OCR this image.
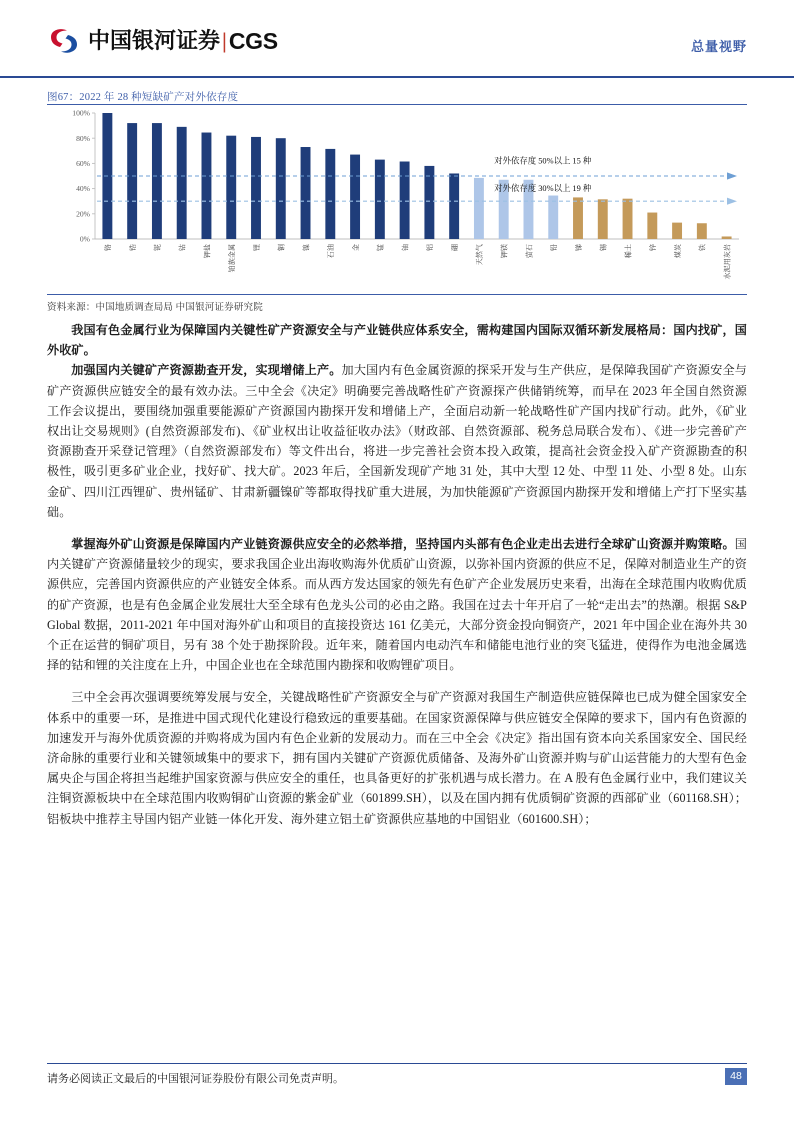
中国银河证券 | CGS	总量视野
图67：2022 年 28 种短缺矿产对外依存度
0%
20%
40%
60%
80%
100%
铬 锆 铌 钴 钾盐 铂族金属 锂 铜 镍 石油 金 锰 铀 铝 硼 天然气 钾镁 萤石 铅 锑 锡 稀土 锌 煤炭 铁 水泥用灰岩
对外依存度 50%以上 15 种
对外依存度 30%以上 19 种
资料来源：中国地质调查局局 中国银河证券研究院

我国有色金属行业为保障国内关键性矿产资源安全与产业链供应体系安全，需构建国内国际双循环新发展格局：国内找矿，国外收矿。

加强国内关键矿产资源勘查开发，实现增储上产。加大国内有色金属资源的探采开发与生产供应，是保障我国矿产资源安全与矿产资源供应链安全的最有效办法。三中全会《决定》明确要完善战略性矿产资源探产供储销统筹，而早在 2023 年全国自然资源工作会议提出，要围绕加强重要能源矿产资源国内勘探开发和增储上产，全面启动新一轮战略性矿产国内找矿行动。此外，《矿业权出让交易规则》(自然资源部发布)、《矿业权出让收益征收办法》（财政部、自然资源部、税务总局联合发布）、《进一步完善矿产资源勘查开采登记管理》（自然资源部发布）等文件出台，将进一步完善社会资本投入政策，提高社会资金投入矿产资源勘查的积极性，吸引更多矿业企业，找好矿、找大矿。2023 年后，全国新发现矿产地 31 处，其中大型 12 处、中型 11 处、小型 8 处。山东金矿、四川江西锂矿、贵州锰矿、甘肃新疆镍矿等都取得找矿重大进展，为加快能源矿产资源国内勘探开发和增储上产打下坚实基础。

掌握海外矿山资源是保障国内产业链资源供应安全的必然举措，坚持国内头部有色企业走出去进行全球矿山资源并购策略。国内关键矿产资源储量较少的现实，要求我国企业出海收购海外优质矿山资源，以弥补国内资源的供应不足，保障对制造业生产的资源供应，完善国内资源供应的产业链安全体系。而从西方发达国家的领先有色矿产企业发展历史来看，出海在全球范围内收购优质的矿产资源，也是有色金属企业发展壮大至全球有色龙头公司的必由之路。我国在过去十年开启了一轮“走出去”的热潮。根据 S&P Global 数据，2011-2021 年中国对海外矿山和项目的直接投资达 161 亿美元，大部分资金投向铜资产，2021 年中国企业在海外共 30 个正在运营的铜矿项目，另有 38 个处于勘探阶段。近年来，随着国内电动汽车和储能电池行业的突飞猛进，使得作为电池金属选择的钴和锂的关注度在上升，中国企业也在全球范围内勘探和收购锂矿项目。

三中全会再次强调要统筹发展与安全，关键战略性矿产资源安全与矿产资源对我国生产制造供应链保障也已成为健全国家安全体系中的重要一环，是推进中国式现代化建设行稳致远的重要基础。在国家资源保障与供应链安全保障的要求下，国内有色资源的加速发开与海外优质资源的并购将成为国内有色企业新的发展动力。而在三中全会《决定》指出国有资本向关系国家安全、国民经济命脉的重要行业和关键领域集中的要求下，拥有国内关键矿产资源优质储备、及海外矿山资源并购与矿山运营能力的大型有色金属央企与国企将担当起维护国家资源与供应安全的重任，也具备更好的扩张机遇与成长潜力。在 A 股有色金属行业中，我们建议关注铜资源板块中在全球范围内收购铜矿山资源的紫金矿业（601899.SH），以及在国内拥有优质铜矿资源的西部矿业（601168.SH）；铝板块中推荐主导国内铝产业链一体化开发、海外建立铝土矿资源供应基地的中国铝业（601600.SH）；

请务必阅读正文最后的中国银河证券股份有限公司免责声明。	48
